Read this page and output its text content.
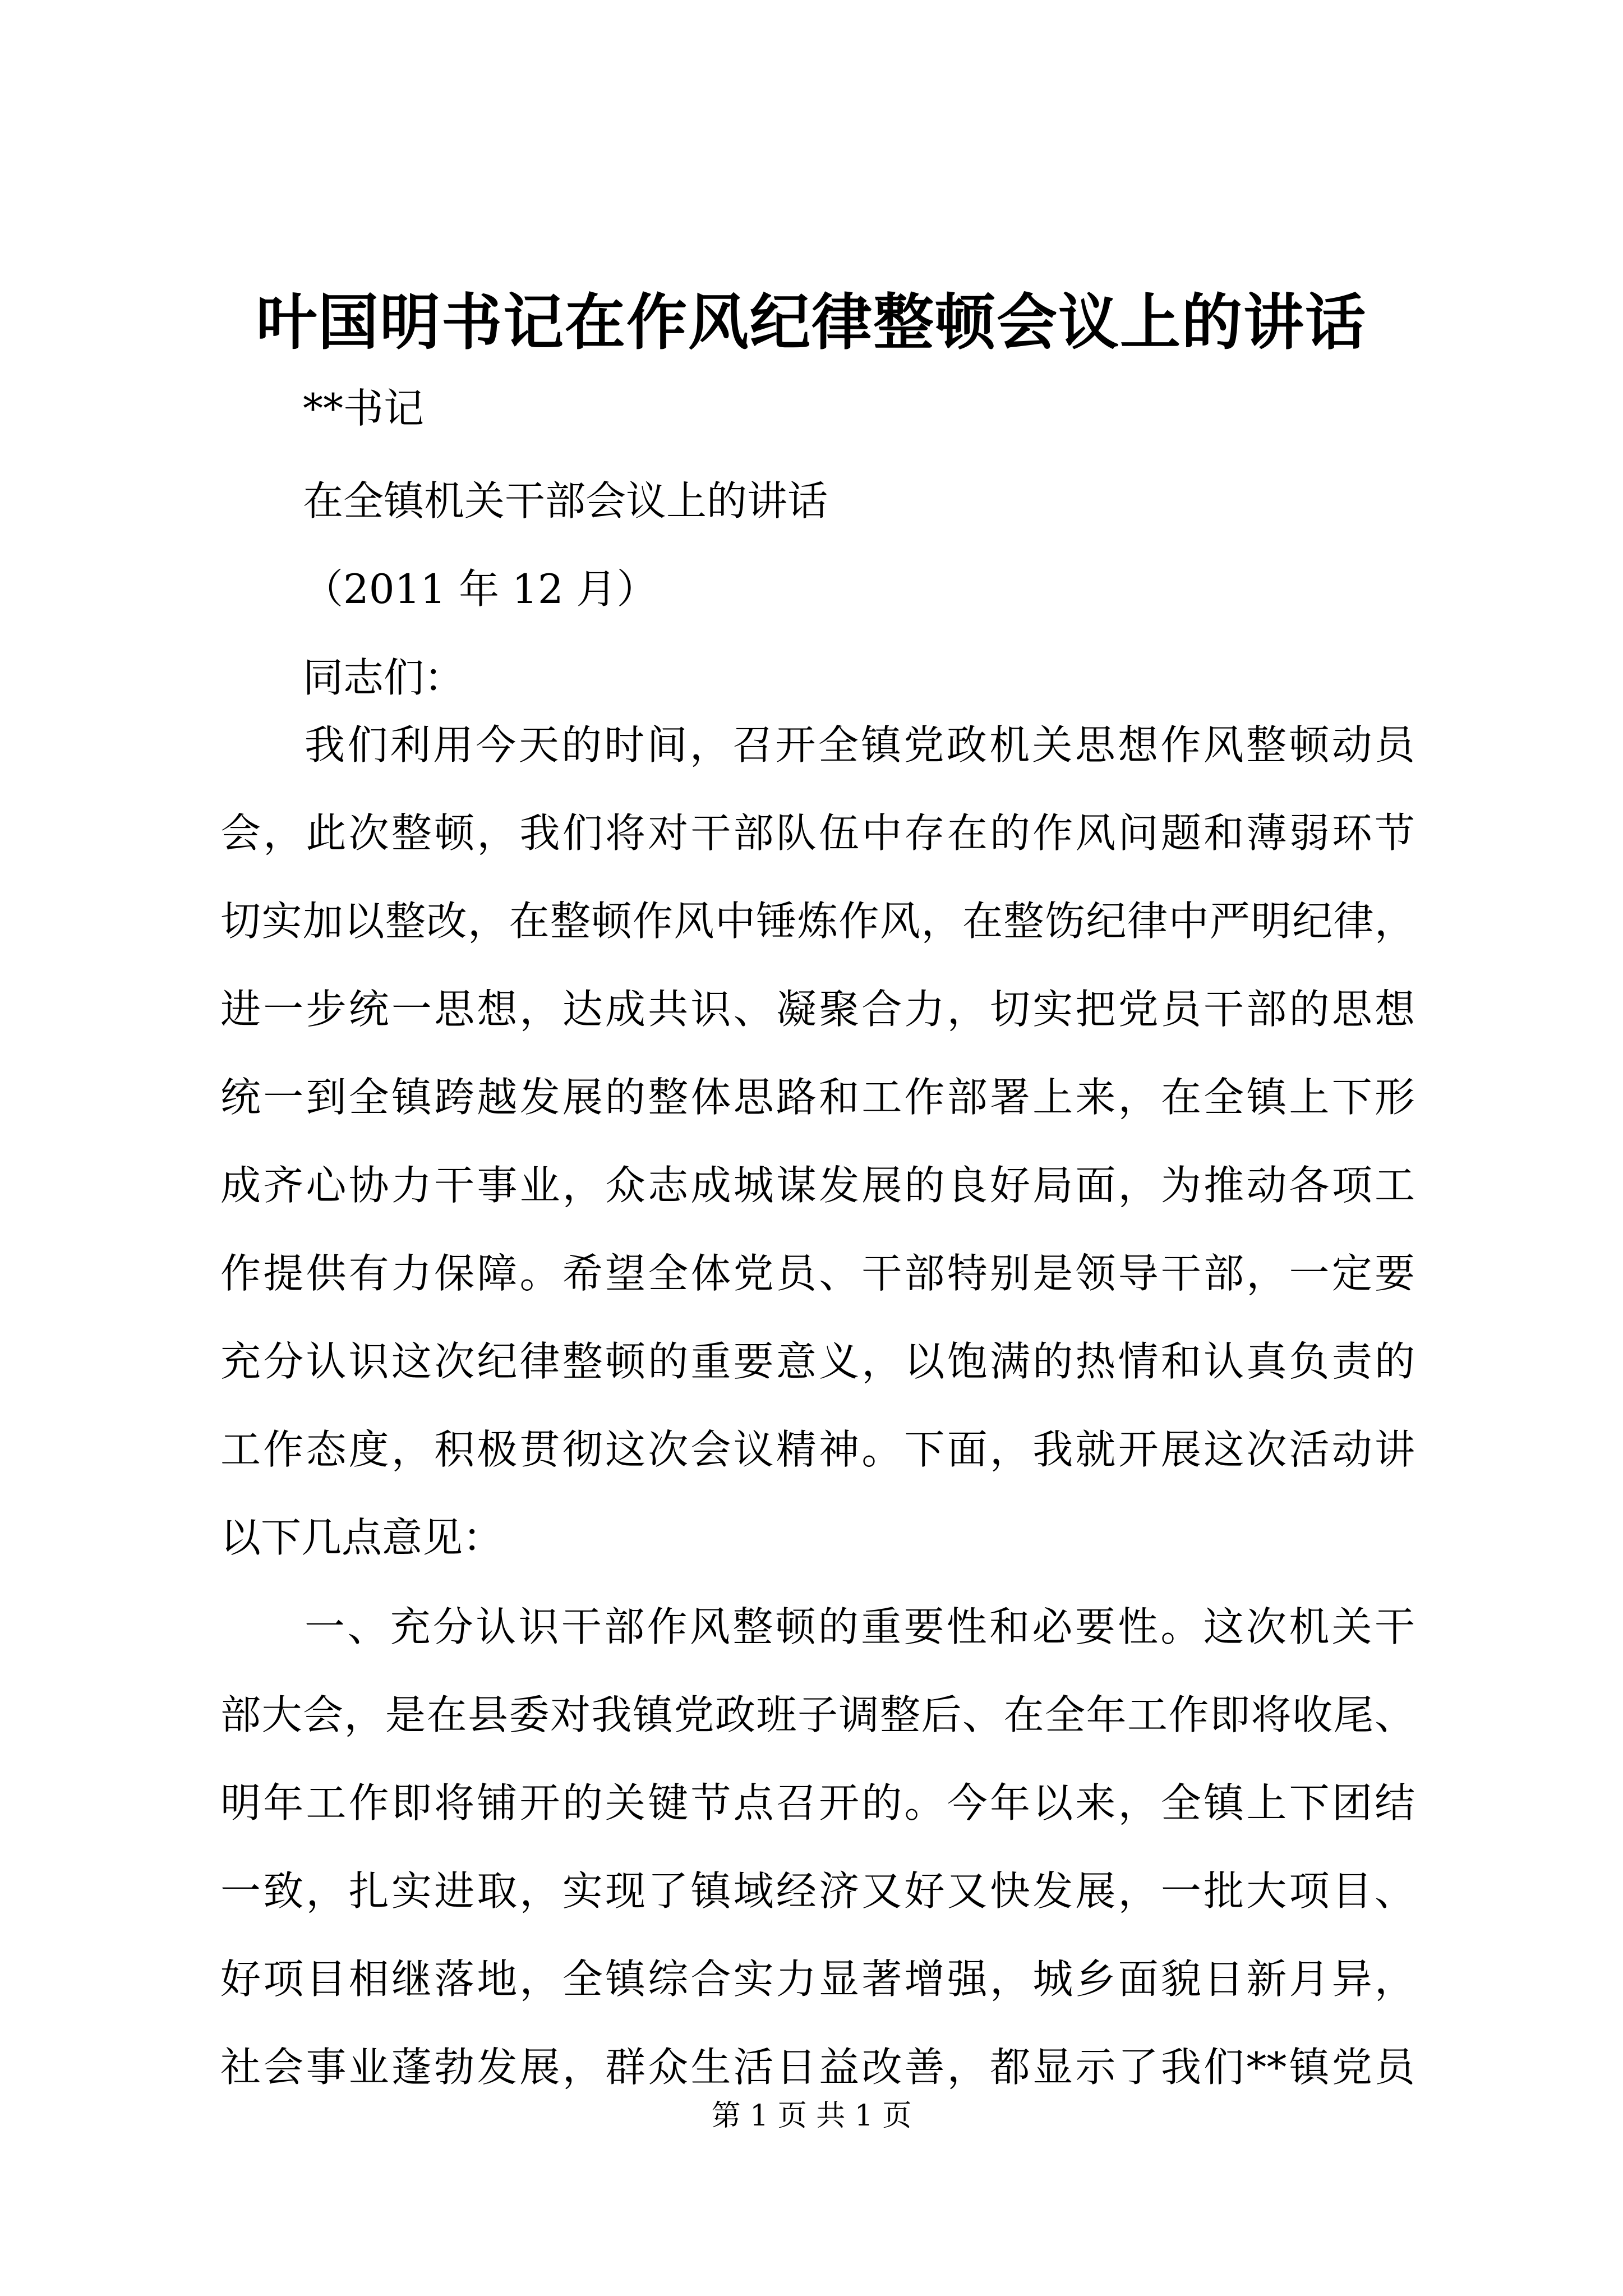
叶国明书记在作风纪律整顿会议上的讲话
**书记
在全镇机关干部会议上的讲话
（2011 年 12 月）
同志们：
我们利用今天的时间，召开全镇党政机关思想作风整顿动员
会，此次整顿，我们将对干部队伍中存在的作风问题和薄弱环节
切实加以整改，在整顿作风中锤炼作风，在整饬纪律中严明纪律，
进一步统一思想，达成共识、凝聚合力，切实把党员干部的思想
统一到全镇跨越发展的整体思路和工作部署上来，在全镇上下形
成齐心协力干事业，众志成城谋发展的良好局面，为推动各项工
作提供有力保障。希望全体党员、干部特别是领导干部，一定要
充分认识这次纪律整顿的重要意义，以饱满的热情和认真负责的
工作态度，积极贯彻这次会议精神。下面，我就开展这次活动讲
以下几点意见：
一、充分认识干部作风整顿的重要性和必要性。这次机关干
部大会，是在县委对我镇党政班子调整后、在全年工作即将收尾、
明年工作即将铺开的关键节点召开的。今年以来，全镇上下团结
一致，扎实进取，实现了镇域经济又好又快发展，一批大项目、
好项目相继落地，全镇综合实力显著增强，城乡面貌日新月异，
社会事业蓬勃发展，群众生活日益改善，都显示了我们**镇党员
第 1 页 共 1 页
